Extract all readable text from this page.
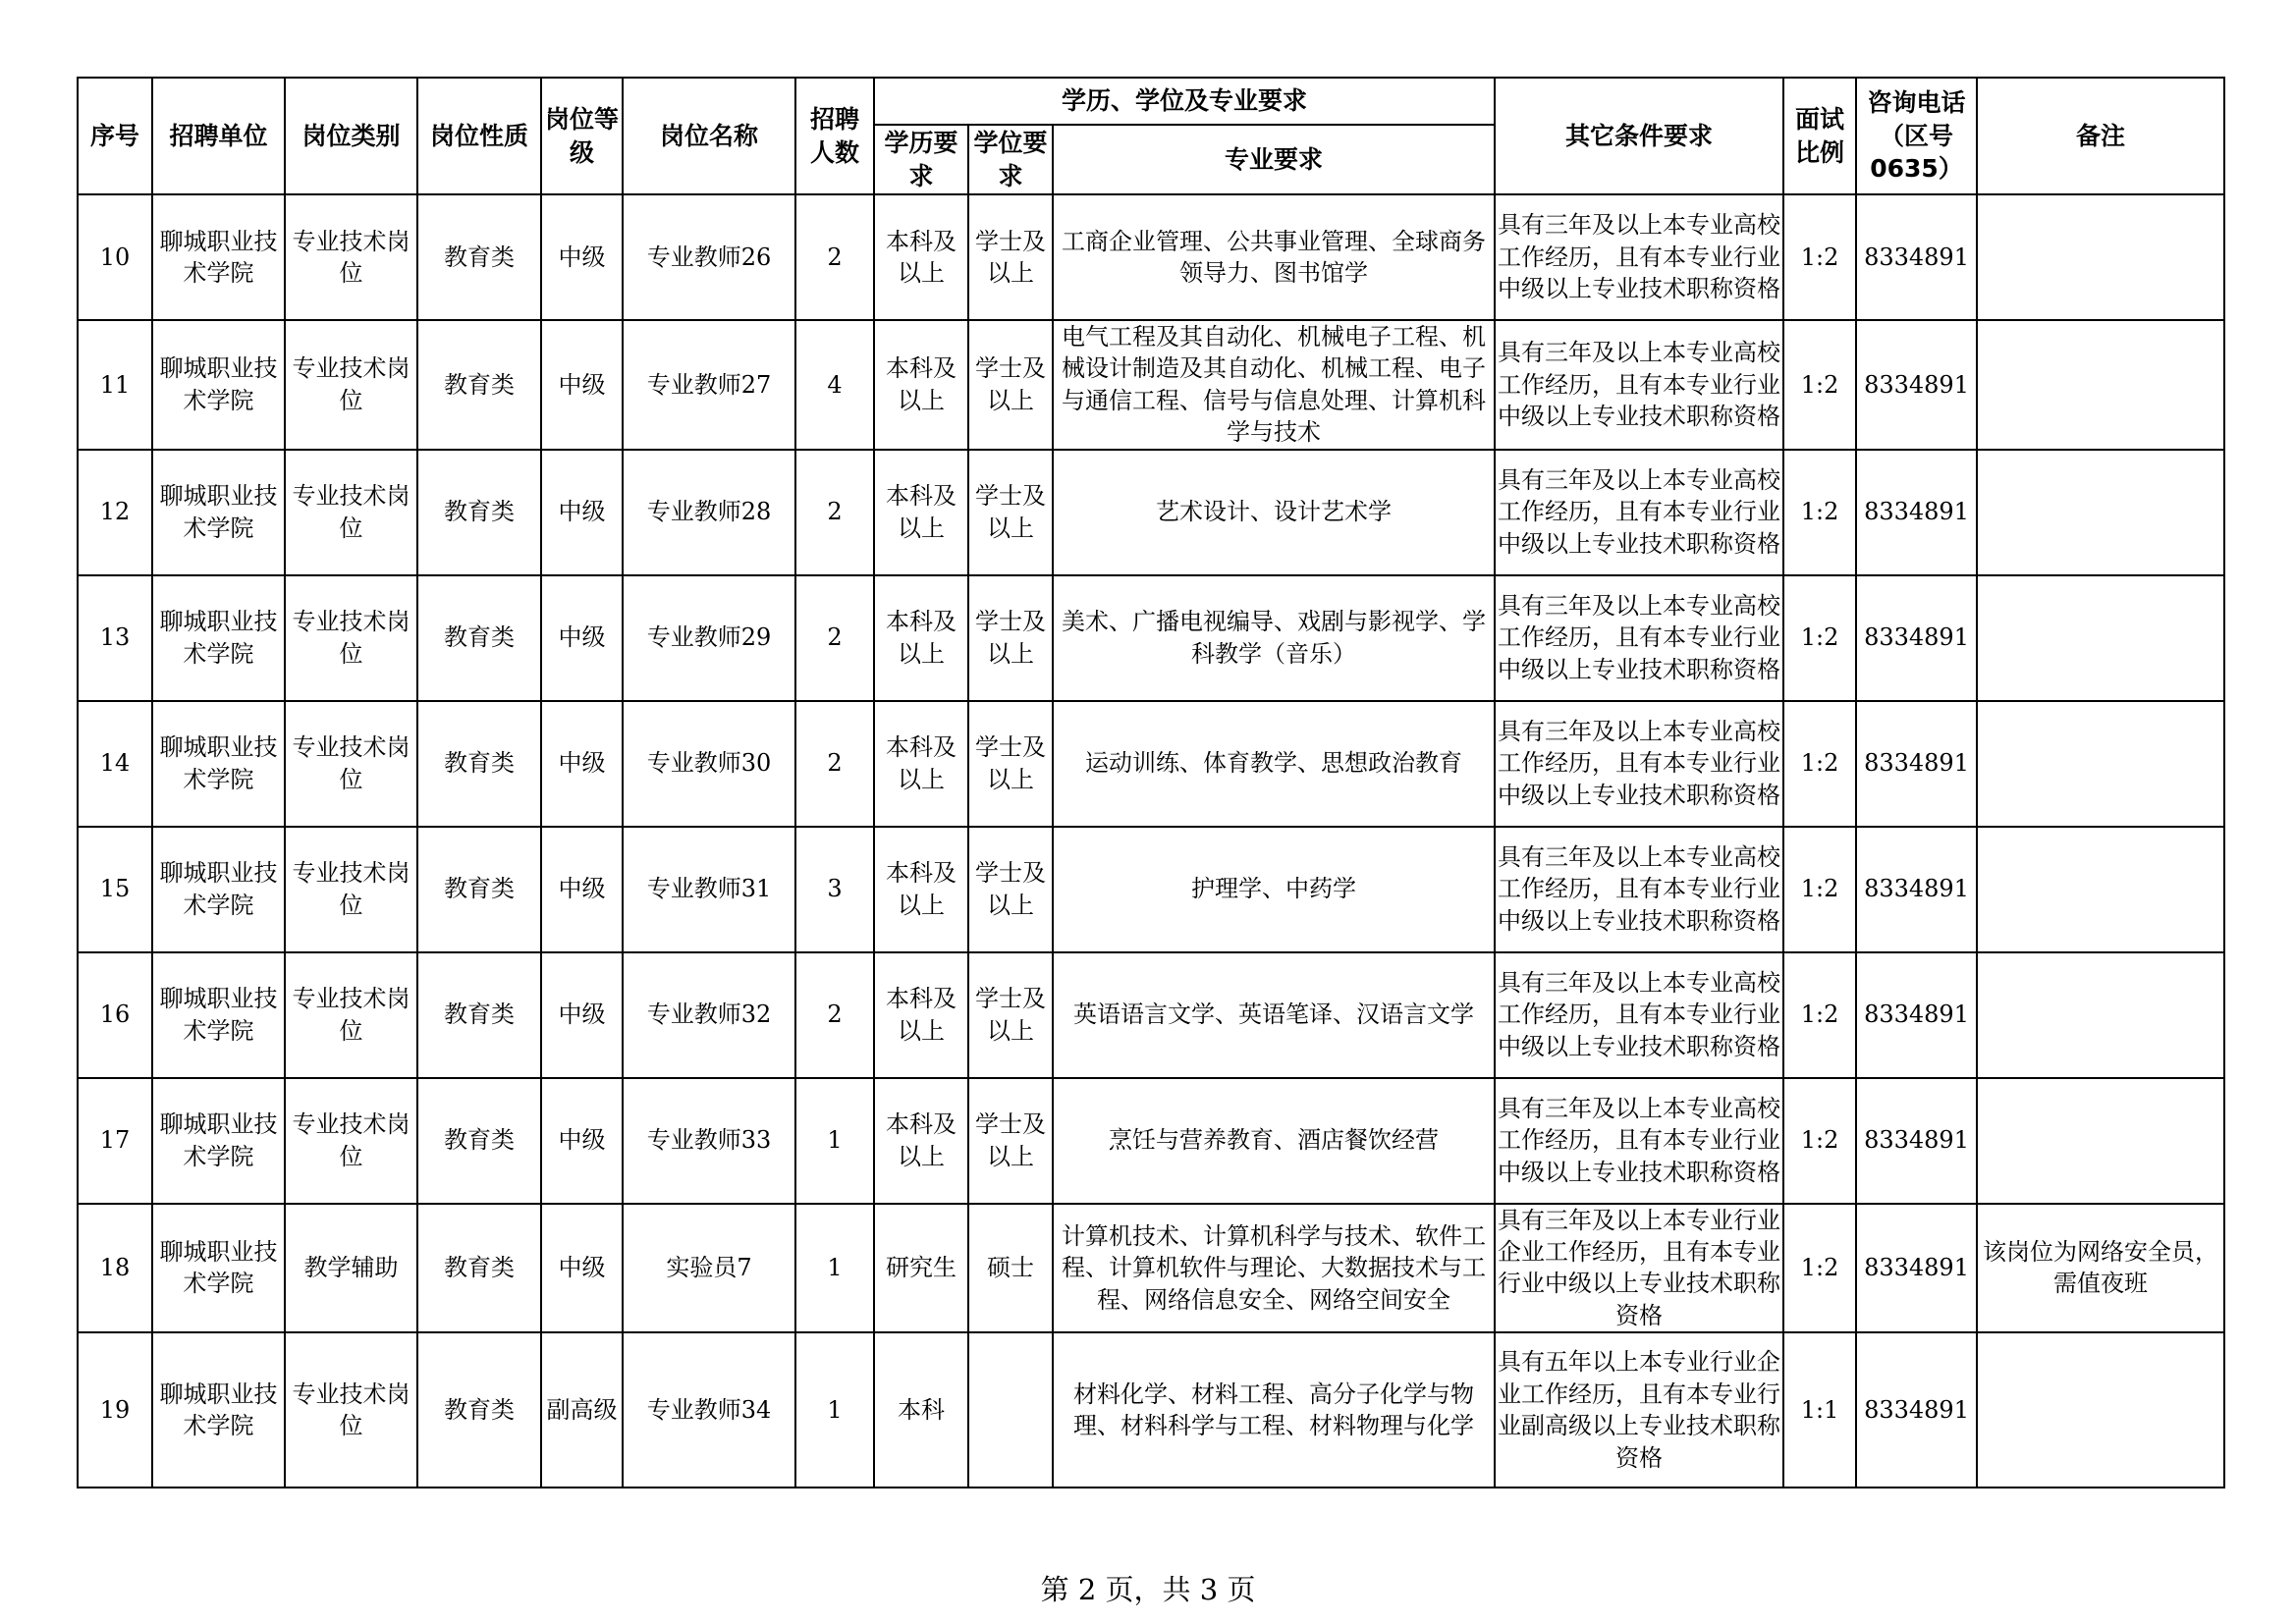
序号	招聘单位	岗位类别	岗位性质	岗位等级	岗位名称	招聘人数	学历、学位及专业要求			其它条件要求	面试比例	咨询电话（区号0635）	备注
							学历要求	学位要求	专业要求				
10	聊城职业技术学院	专业技术岗位	教育类	中级	专业教师26	2	本科及以上	学士及以上	工商企业管理、公共事业管理、全球商务领导力、图书馆学	具有三年及以上本专业高校工作经历，且有本专业行业中级以上专业技术职称资格	1:2	8334891	
11	聊城职业技术学院	专业技术岗位	教育类	中级	专业教师27	4	本科及以上	学士及以上	电气工程及其自动化、机械电子工程、机械设计制造及其自动化、机械工程、电子与通信工程、信号与信息处理、计算机科学与技术	具有三年及以上本专业高校工作经历，且有本专业行业中级以上专业技术职称资格	1:2	8334891	
12	聊城职业技术学院	专业技术岗位	教育类	中级	专业教师28	2	本科及以上	学士及以上	艺术设计、设计艺术学	具有三年及以上本专业高校工作经历，且有本专业行业中级以上专业技术职称资格	1:2	8334891	
13	聊城职业技术学院	专业技术岗位	教育类	中级	专业教师29	2	本科及以上	学士及以上	美术、广播电视编导、戏剧与影视学、学科教学（音乐）	具有三年及以上本专业高校工作经历，且有本专业行业中级以上专业技术职称资格	1:2	8334891	
14	聊城职业技术学院	专业技术岗位	教育类	中级	专业教师30	2	本科及以上	学士及以上	运动训练、体育教学、思想政治教育	具有三年及以上本专业高校工作经历，且有本专业行业中级以上专业技术职称资格	1:2	8334891	
15	聊城职业技术学院	专业技术岗位	教育类	中级	专业教师31	3	本科及以上	学士及以上	护理学、中药学	具有三年及以上本专业高校工作经历，且有本专业行业中级以上专业技术职称资格	1:2	8334891	
16	聊城职业技术学院	专业技术岗位	教育类	中级	专业教师32	2	本科及以上	学士及以上	英语语言文学、英语笔译、汉语言文学	具有三年及以上本专业高校工作经历，且有本专业行业中级以上专业技术职称资格	1:2	8334891	
17	聊城职业技术学院	专业技术岗位	教育类	中级	专业教师33	1	本科及以上	学士及以上	烹饪与营养教育、酒店餐饮经营	具有三年及以上本专业高校工作经历，且有本专业行业中级以上专业技术职称资格	1:2	8334891	
18	聊城职业技术学院	教学辅助	教育类	中级	实验员7	1	研究生	硕士	计算机技术、计算机科学与技术、软件工程、计算机软件与理论、大数据技术与工程、网络信息安全、网络空间安全	具有三年及以上本专业行业企业工作经历，且有本专业行业中级以上专业技术职称资格	1:2	8334891	该岗位为网络安全员，需值夜班
19	聊城职业技术学院	专业技术岗位	教育类	副高级	专业教师34	1	本科		材料化学、材料工程、高分子化学与物理、材料科学与工程、材料物理与化学	具有五年以上本专业行业企业工作经历，且有本专业行业副高级以上专业技术职称资格	1:1	8334891	
第 2 页，共 3 页
